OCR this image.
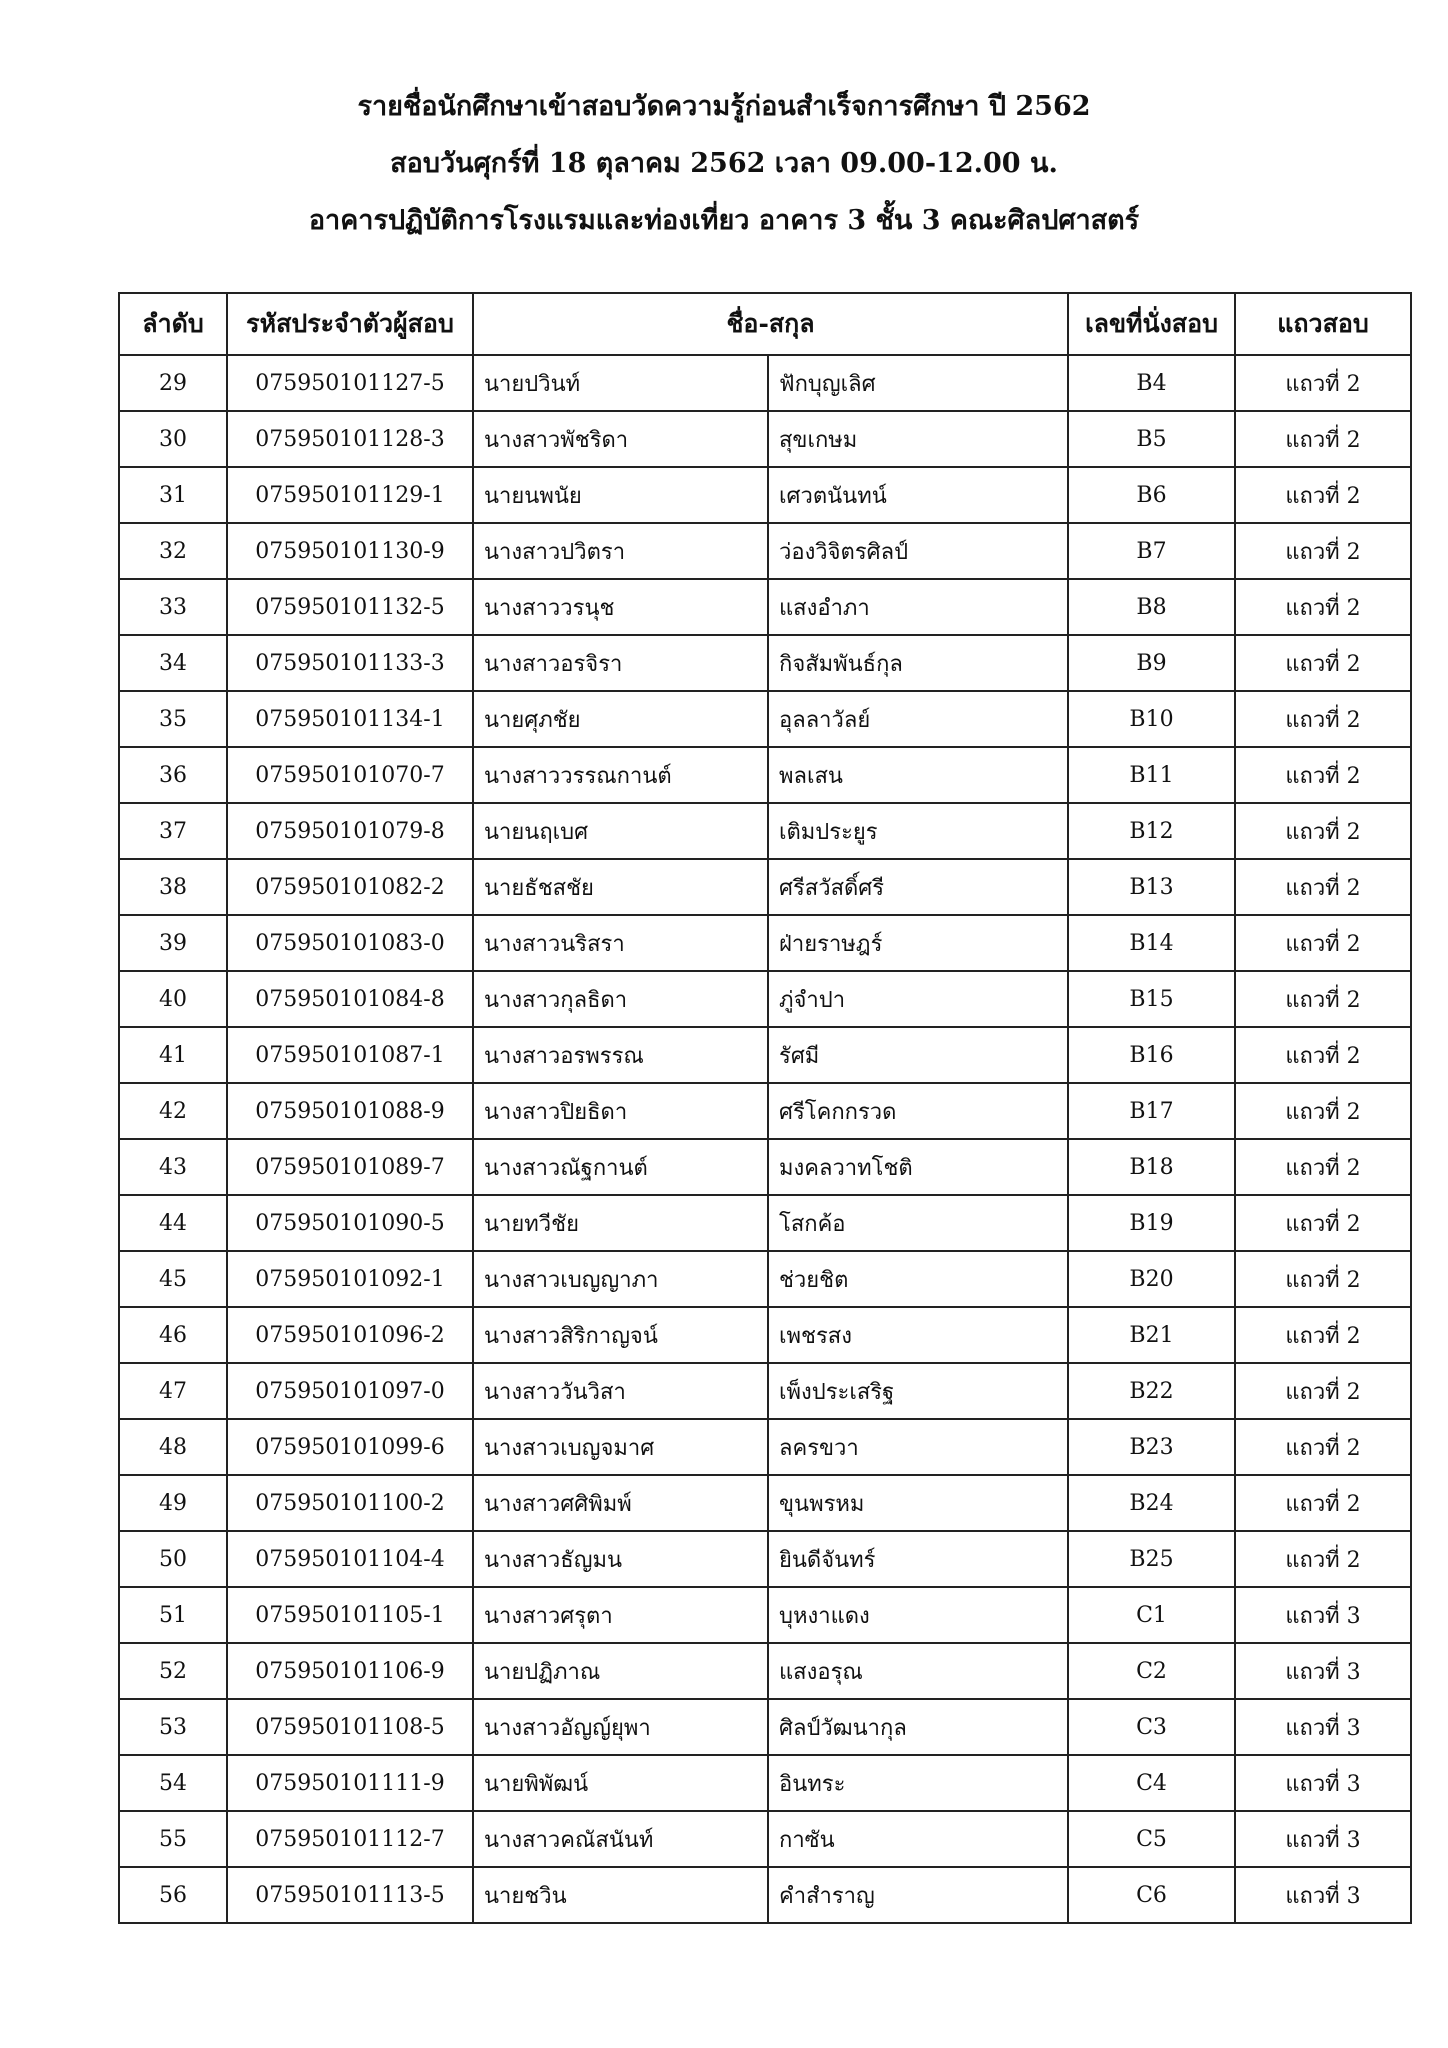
รายชื่อนักศึกษาเข้าสอบวัดความรู้ก่อนสำเร็จการศึกษา ปี 2562
สอบวันศุกร์ที่ 18 ตุลาคม 2562 เวลา 09.00-12.00 น.
อาคารปฏิบัติการโรงแรมและท่องเที่ยว อาคาร 3 ชั้น 3 คณะศิลปศาสตร์
ลำดับ	รหัสประจำตัวผู้สอบ	ชื่อ-สกุล		เลขที่นั่งสอบ	แถวสอบ
29	075950101127-5	นายปวินท์	ฟักบุญเลิศ	B4	แถวที่ 2
30	075950101128-3	นางสาวพัชริดา	สุขเกษม	B5	แถวที่ 2
31	075950101129-1	นายนพนัย	เศวตนันทน์	B6	แถวที่ 2
32	075950101130-9	นางสาวปวิตรา	ว่องวิจิตรศิลป์	B7	แถวที่ 2
33	075950101132-5	นางสาววรนุช	แสงอำภา	B8	แถวที่ 2
34	075950101133-3	นางสาวอรจิรา	กิจสัมพันธ์กุล	B9	แถวที่ 2
35	075950101134-1	นายศุภชัย	อุลลาวัลย์	B10	แถวที่ 2
36	075950101070-7	นางสาววรรณกานต์	พลเสน	B11	แถวที่ 2
37	075950101079-8	นายนฤเบศ	เติมประยูร	B12	แถวที่ 2
38	075950101082-2	นายธัชสชัย	ศรีสวัสดิ์ศรี	B13	แถวที่ 2
39	075950101083-0	นางสาวนริสรา	ฝ่ายราษฎร์	B14	แถวที่ 2
40	075950101084-8	นางสาวกุลธิดา	ภู่จำปา	B15	แถวที่ 2
41	075950101087-1	นางสาวอรพรรณ	รัศมี	B16	แถวที่ 2
42	075950101088-9	นางสาวปิยธิดา	ศรีโคกกรวด	B17	แถวที่ 2
43	075950101089-7	นางสาวณัฐกานต์	มงคลวาทโชติ	B18	แถวที่ 2
44	075950101090-5	นายทวีชัย	โสกค้อ	B19	แถวที่ 2
45	075950101092-1	นางสาวเบญญาภา	ช่วยชิต	B20	แถวที่ 2
46	075950101096-2	นางสาวสิริกาญจน์	เพชรสง	B21	แถวที่ 2
47	075950101097-0	นางสาววันวิสา	เพ็งประเสริฐ	B22	แถวที่ 2
48	075950101099-6	นางสาวเบญจมาศ	ลครขวา	B23	แถวที่ 2
49	075950101100-2	นางสาวศศิพิมพ์	ขุนพรหม	B24	แถวที่ 2
50	075950101104-4	นางสาวธัญมน	ยินดีจันทร์	B25	แถวที่ 2
51	075950101105-1	นางสาวศรุตา	บุหงาแดง	C1	แถวที่ 3
52	075950101106-9	นายปฏิภาณ	แสงอรุณ	C2	แถวที่ 3
53	075950101108-5	นางสาวอัญญ์ยุพา	ศิลป์วัฒนากุล	C3	แถวที่ 3
54	075950101111-9	นายพิพัฒน์	อินทระ	C4	แถวที่ 3
55	075950101112-7	นางสาวคณัสนันท์	กาซัน	C5	แถวที่ 3
56	075950101113-5	นายชวิน	คำสำราญ	C6	แถวที่ 3
